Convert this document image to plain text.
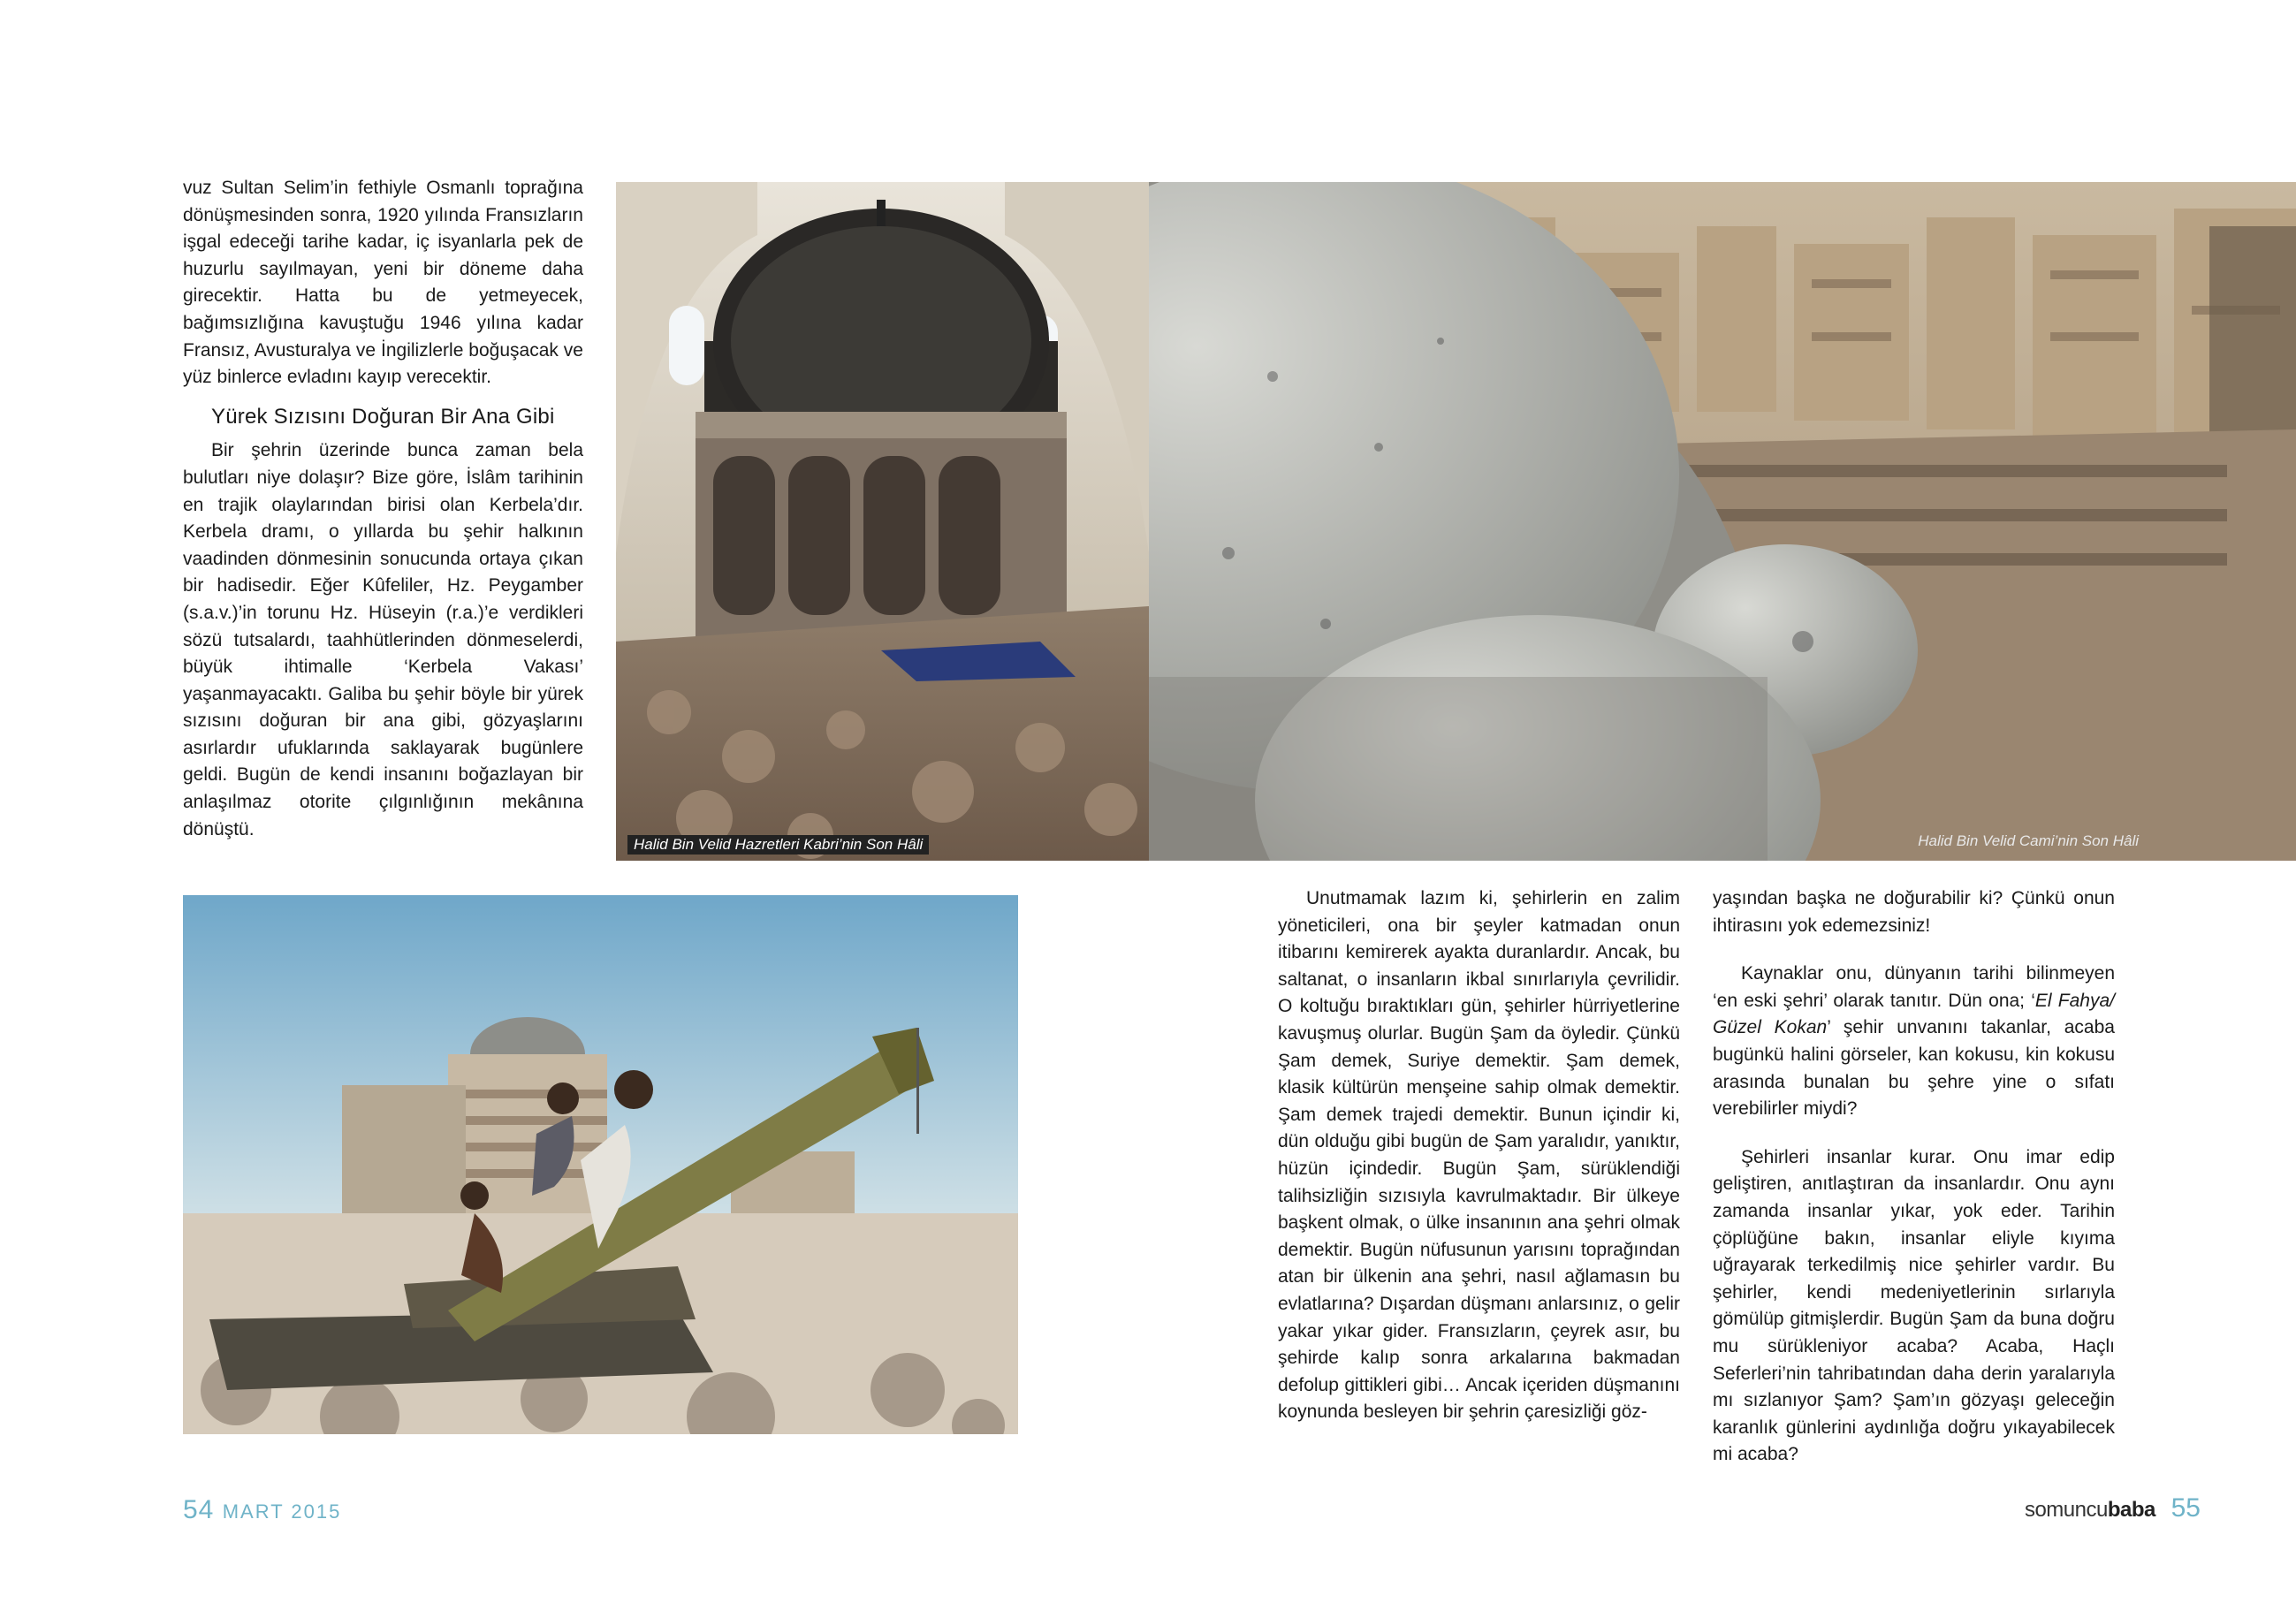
vuz Sultan Selim’in fethiyle Osmanlı toprağına dönüşmesinden sonra, 1920 yılında Fransızların işgal edeceği tarihe kadar, iç isyanlarla pek de huzurlu sayılmayan, yeni bir döneme daha girecektir. Hatta bu de yetmeyecek, bağımsızlığına kavuştuğu 1946 yılına kadar Fransız, Avusturalya ve İngilizlerle boğuşacak ve yüz binlerce evladını kayıp verecektir.

Yürek Sızısını Doğuran Bir Ana Gibi

Bir şehrin üzerinde bunca zaman bela bulutları niye dolaşır? Bize göre, İslâm tarihinin en trajik olaylarından birisi olan Kerbela’dır. Kerbela dramı, o yıllarda bu şehir halkının vaadinden dönmesinin sonucunda ortaya çıkan bir hadisedir. Eğer Kûfeliler, Hz. Peygamber (s.a.v.)’in torunu Hz. Hüseyin (r.a.)’e verdikleri sözü tutsalardı, taahhütlerinden dönmeselerdi, büyük ihtimalle ‘Kerbela Vakası’ yaşanmayacaktı. Galiba bu şehir böyle bir yürek sızısını doğuran bir ana gibi, gözyaşlarını asırlardır ufuklarında saklayarak bugünlere geldi. Bugün de kendi insanını boğazlayan bir anlaşılmaz otorite çılgınlığının mekânına dönüştü.

Halid Bin Velid Hazretleri Kabri’nin Son Hâli	Halid Bin Velid Cami’nin Son Hâli

Unutmamak lazım ki, şehirlerin en zalim yöneticileri, ona bir şeyler katmadan onun itibarını kemirerek ayakta duranlardır. Ancak, bu saltanat, o insanların ikbal sınırlarıyla çevrilidir. O koltuğu bıraktıkları gün, şehirler hürriyetlerine kavuşmuş olurlar. Bugün Şam da öyledir. Çünkü Şam demek, Suriye demektir. Şam demek, klasik kültürün menşeine sahip olmak demektir. Şam demek trajedi demektir. Bunun içindir ki, dün olduğu gibi bugün de Şam yaralıdır, yanıktır, hüzün içindedir. Bugün Şam, sürüklendiği talihsizliğin sızısıyla kavrulmaktadır. Bir ülkeye başkent olmak, o ülke insanının ana şehri olmak demektir. Bugün nüfusunun yarısını toprağından atan bir ülkenin ana şehri, nasıl ağlamasın bu evlatlarına? Dışardan düşmanı anlarsınız, o gelir yakar yıkar gider. Fransızların, çeyrek asır, bu şehirde kalıp sonra arkalarına bakmadan defolup gittikleri gibi… Ancak içeriden düşmanını koynunda besleyen bir şehrin çaresizliği göz-

yaşından başka ne doğurabilir ki? Çünkü onun ihtirasını yok edemezsiniz!

Kaynaklar onu, dünyanın tarihi bilinmeyen ‘en eski şehri’ olarak tanıtır. Dün ona; ‘El Fahya/ Güzel Kokan’ şehir unvanını takanlar, acaba bugünkü halini görseler, kan kokusu, kin kokusu arasında bunalan bu şehre yine o sıfatı verebilirler miydi?

Şehirleri insanlar kurar. Onu imar edip geliştiren, anıtlaştıran da insanlardır. Onu aynı zamanda insanlar yıkar, yok eder. Tarihin çöplüğüne bakın, insanlar eliyle kıyıma uğrayarak terkedilmiş nice şehirler vardır. Bu şehirler, kendi medeniyetlerinin sırlarıyla gömülüp gitmişlerdir. Bugün Şam da buna doğru mu sürükleniyor acaba? Acaba, Haçlı Seferleri’nin tahribatından daha derin yaralarıyla mı sızlanıyor Şam? Şam’ın gözyaşı geleceğin karanlık günlerini aydınlığa doğru yıkayabilecek mi acaba?

54 MART 2015	somuncubaba 55
